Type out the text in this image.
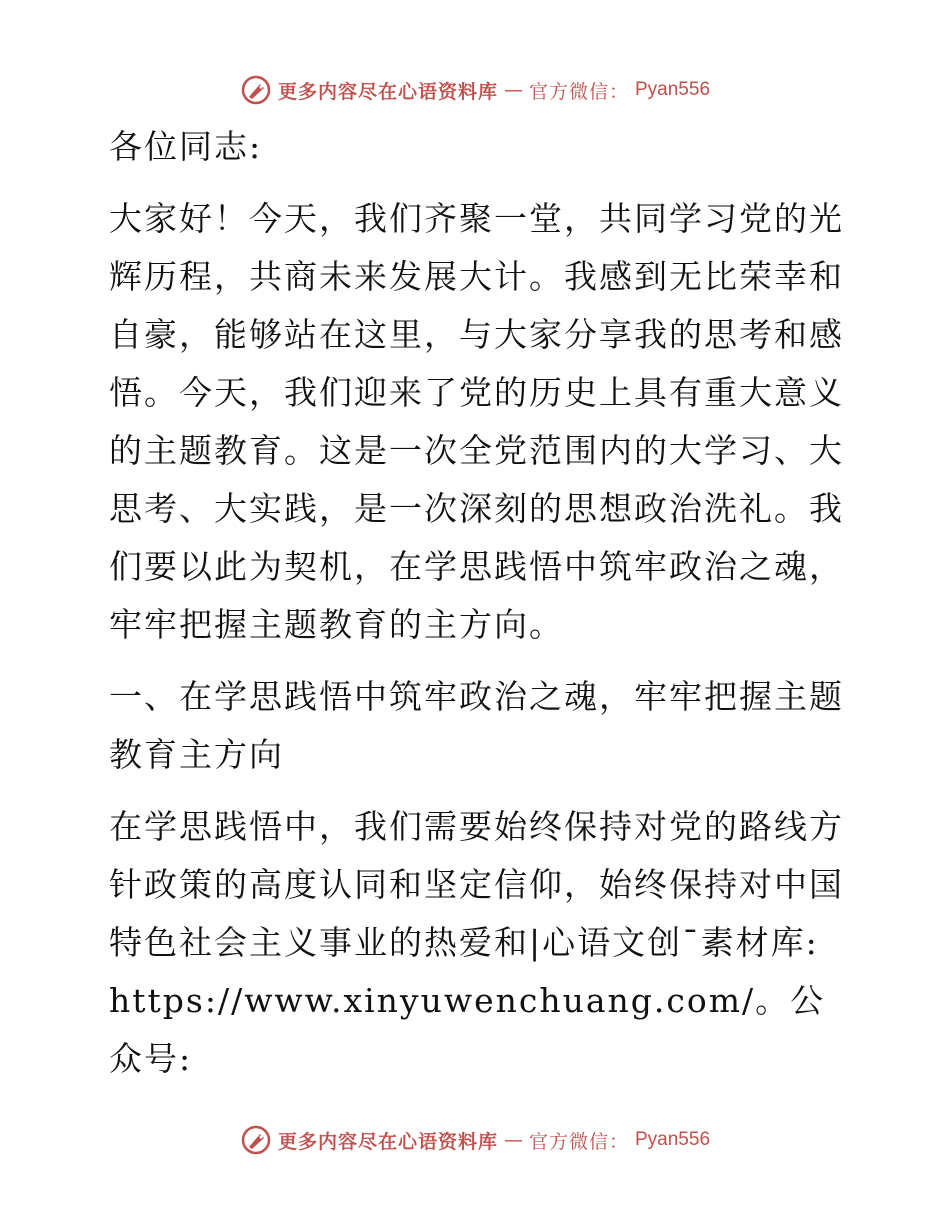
更多内容尽在心语资料库 — 官方微信： Pyan556

各位同志:

大家好！今天，我们齐聚一堂，共同学习党的光辉历程，共商未来发展大计。我感到无比荣幸和自豪，能够站在这里，与大家分享我的思考和感悟。今天，我们迎来了党的历史上具有重大意义的主题教育。这是一次全党范围内的大学习、大思考、大实践，是一次深刻的思想政治洗礼。我们要以此为契机，在学思践悟中筑牢政治之魂，牢牢把握主题教育的主方向。

一、在学思践悟中筑牢政治之魂，牢牢把握主题教育主方向

在学思践悟中，我们需要始终保持对党的路线方针政策的高度认同和坚定信仰，始终保持对中国特色社会主义事业的热爱和|心语文创¯素材库:
https://www.xinyuwenchuang.com/。公众号:

更多内容尽在心语资料库 — 官方微信： Pyan556
